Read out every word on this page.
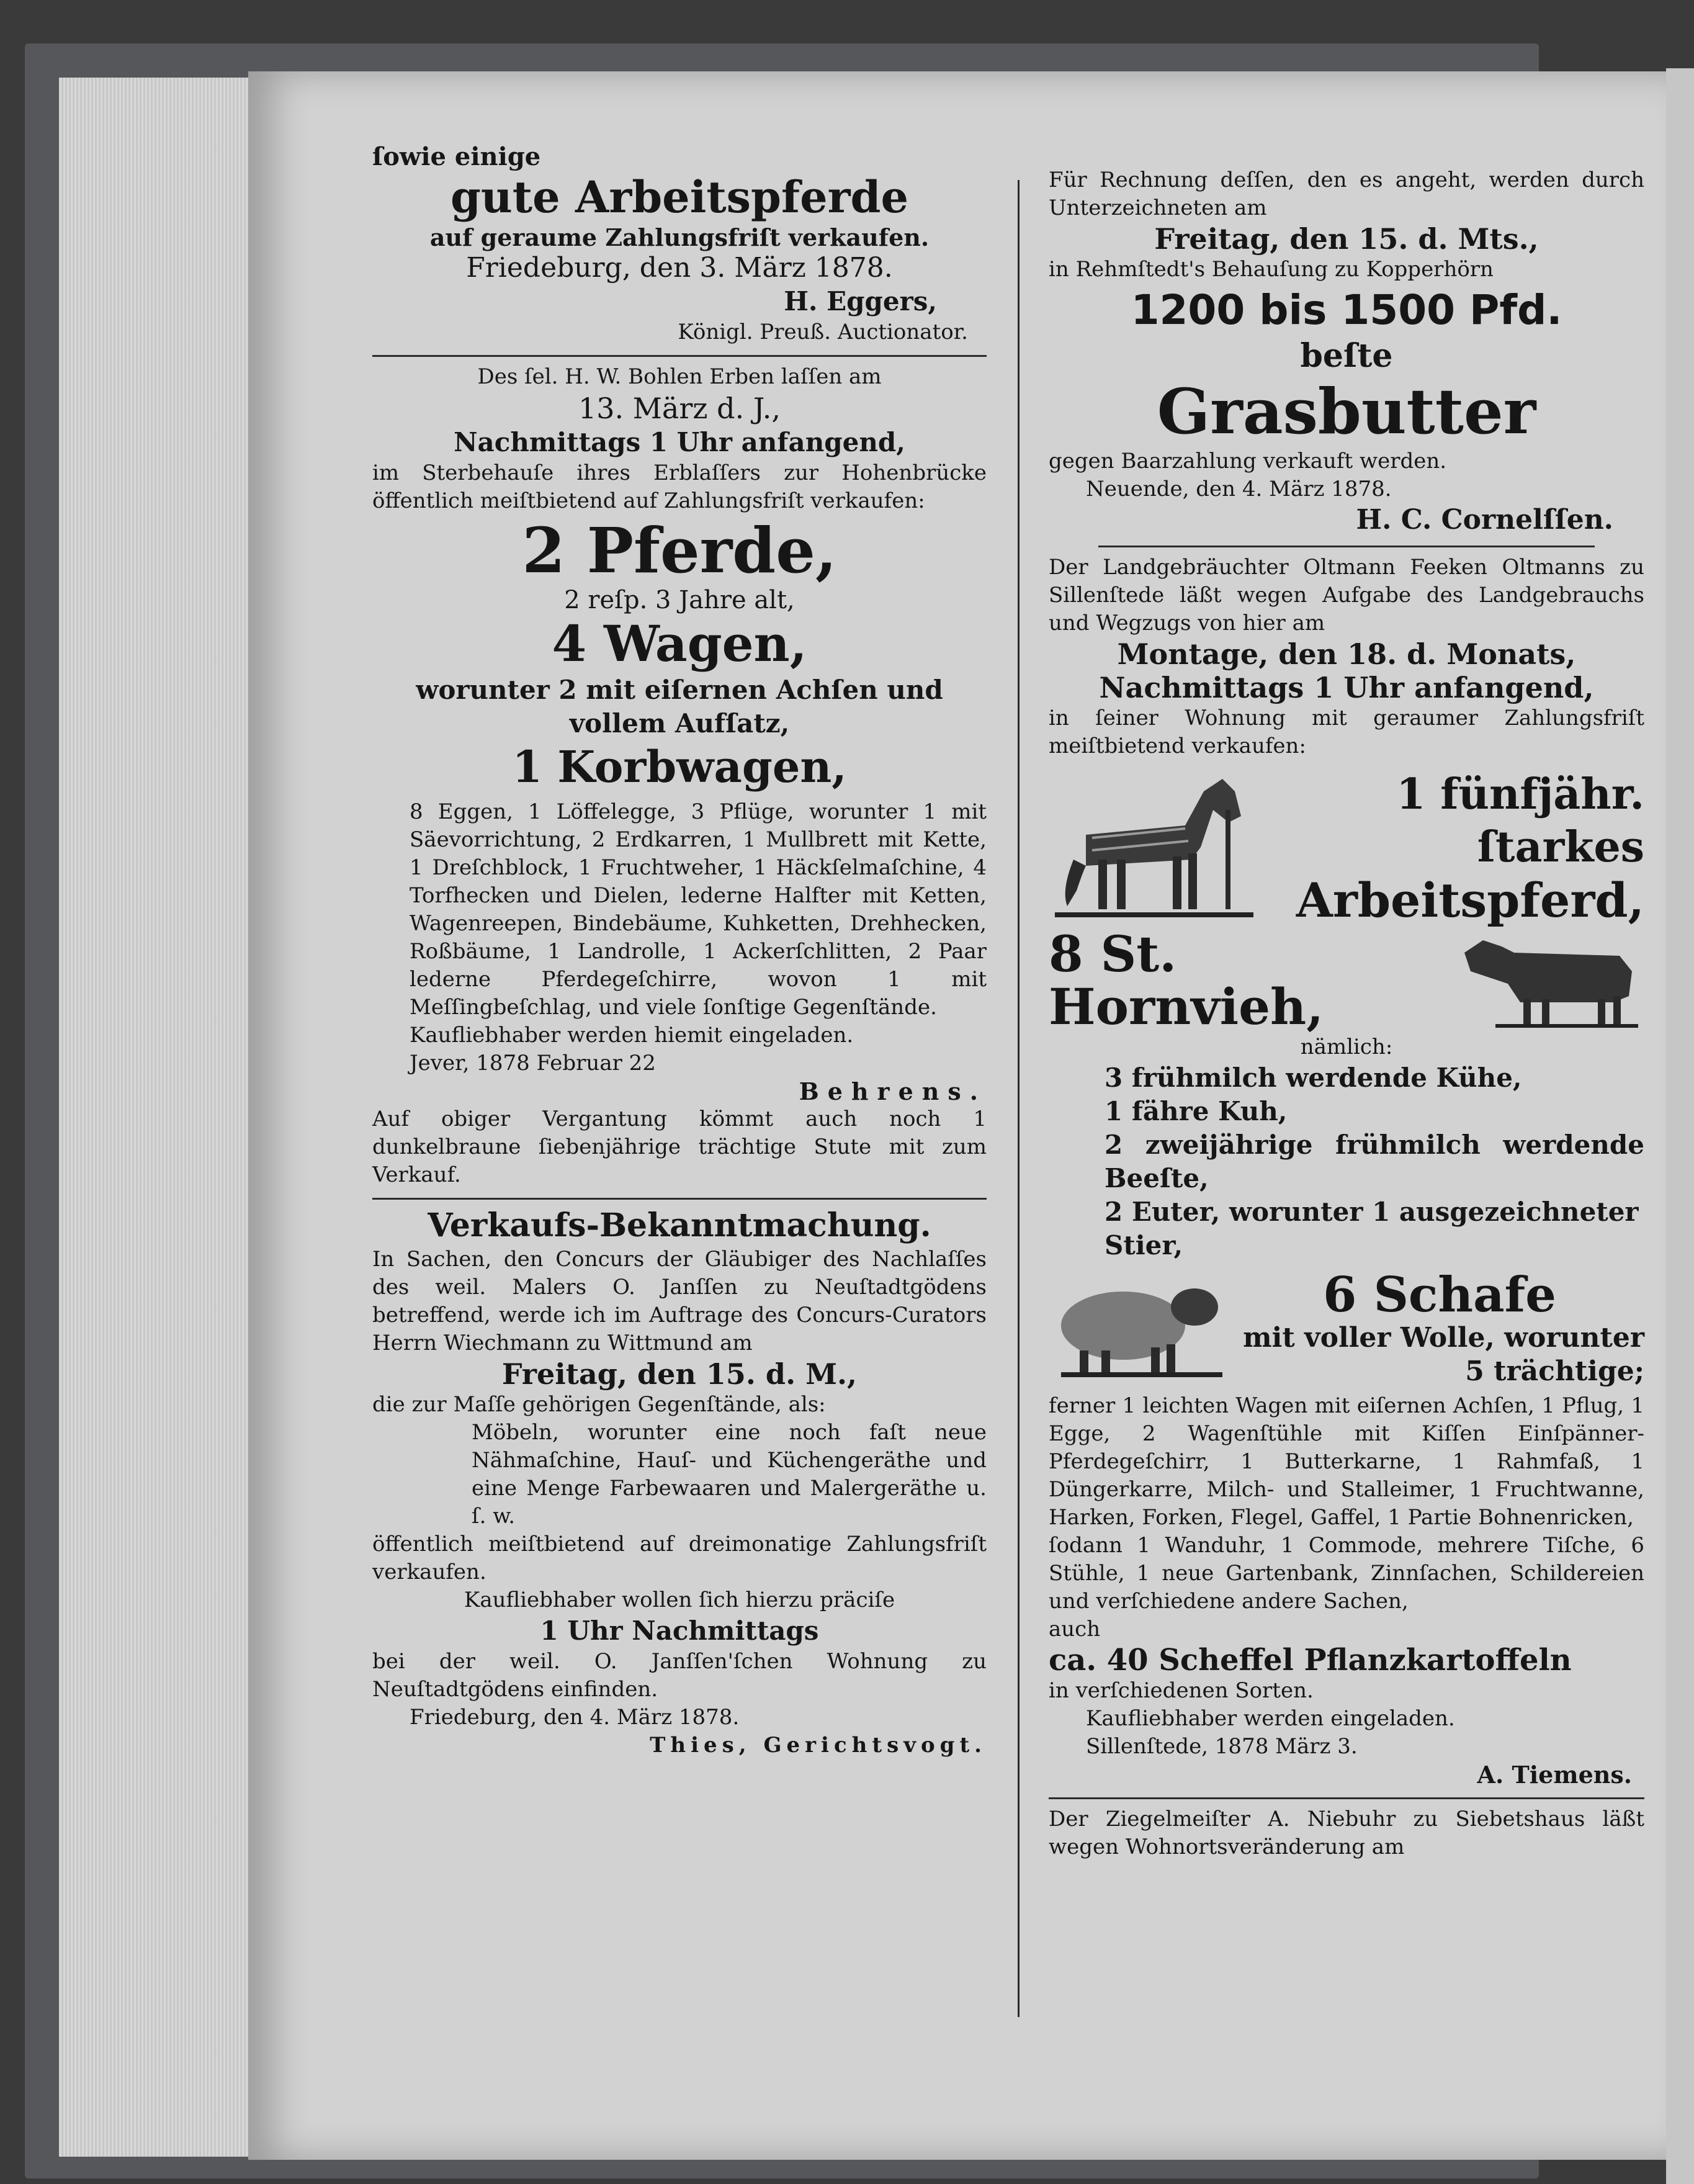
ſowie einige

gute Arbeitspferde

auf geraume Zahlungsfriſt verkaufen.

Friedeburg, den 3. März 1878.

H. Eggers,

Königl. Preuß. Auctionator.

Des ſel. H. W. Bohlen Erben laſſen am

13. März d. J.,

Nachmittags 1 Uhr anfangend,

im Sterbehauſe ihres Erblaſſers zur Hohenbrücke öffentlich meiſtbietend auf Zahlungsfriſt verkaufen:

2 Pferde,

2 reſp. 3 Jahre alt,

4 Wagen,

worunter 2 mit eiſernen Achſen und vollem Aufſatz,

1 Korbwagen,

8 Eggen, 1 Löffelegge, 3 Pflüge, worunter 1 mit Säevorrichtung, 2 Erdkarren, 1 Mullbrett mit Kette, 1 Dreſchblock, 1 Fruchtweher, 1 Häckſelmaſchine, 4 Torfhecken und Dielen, lederne Halfter mit Ketten, Wagenreepen, Bindebäume, Kuhketten, Drehhecken, Roßbäume, 1 Landrolle, 1 Ackerſchlitten, 2 Paar lederne Pferdegeſchirre, wovon 1 mit Meſſingbeſchlag, und viele ſonſtige Gegenſtände.

Kaufliebhaber werden hiemit eingeladen.

Jever, 1878 Februar 22

Behrens.

Auf obiger Vergantung kömmt auch noch 1 dunkelbraune ſiebenjährige trächtige Stute mit zum Verkauf.

Verkaufs-Bekanntmachung.

In Sachen, den Concurs der Gläubiger des Nachlaſſes des weil. Malers O. Janſſen zu Neuſtadtgödens betreffend, werde ich im Auftrage des Concurs-Curators Herrn Wiechmann zu Wittmund am

Freitag, den 15. d. M.,

die zur Maſſe gehörigen Gegenſtände, als:

Möbeln, worunter eine noch faſt neue Nähmaſchine, Hauſ- und Küchengeräthe und eine Menge Farbewaaren und Malergeräthe u. ſ. w.

öffentlich meiſtbietend auf dreimonatige Zahlungsfriſt verkaufen.

Kaufliebhaber wollen ſich hierzu präciſe

1 Uhr Nachmittags

bei der weil. O. Janſſen'ſchen Wohnung zu Neuſtadtgödens einfinden.

Friedeburg, den 4. März 1878.

Thies, Gerichtsvogt.

Für Rechnung deſſen, den es angeht, werden durch Unterzeichneten am

Freitag, den 15. d. Mts.,

in Rehmſtedt's Behauſung zu Kopperhörn

1200 bis 1500 Pfd.

beſte

Grasbutter

gegen Baarzahlung verkauft werden.

Neuende, den 4. März 1878.

H. C. Cornelſſen.

Der Landgebräuchter Oltmann Feeken Oltmanns zu Sillenſtede läßt wegen Aufgabe des Landgebrauchs und Wegzugs von hier am

Montage, den 18. d. Monats,

Nachmittags 1 Uhr anfangend,

in ſeiner Wohnung mit geraumer Zahlungsfriſt meiſtbietend verkaufen:

1 fünfjähr. ſtarkes

Arbeitspferd,

8 St. Hornvieh,

nämlich:

3 frühmilch werdende Kühe,

1 fähre Kuh,

2 zweijährige frühmilch werdende Beeſte,

2 Euter, worunter 1 ausgezeichneter Stier,

6 Schafe

mit voller Wolle, worunter 5 trächtige;

ferner 1 leichten Wagen mit eiſernen Achſen, 1 Pflug, 1 Egge, 2 Wagenſtühle mit Kiſſen Einſpänner-Pferdegeſchirr, 1 Butterkarne, 1 Rahmfaß, 1 Düngerkarre, Milch- und Stalleimer, 1 Fruchtwanne, Harken, Forken, Flegel, Gaffel, 1 Partie Bohnenricken,

ſodann 1 Wanduhr, 1 Commode, mehrere Tiſche, 6 Stühle, 1 neue Gartenbank, Zinnſachen, Schildereien und verſchiedene andere Sachen,

auch

ca. 40 Scheffel Pflanzkartoffeln

in verſchiedenen Sorten.

Kaufliebhaber werden eingeladen.

Sillenſtede, 1878 März 3.

A. Tiemens.

Der Ziegelmeiſter A. Niebuhr zu Siebetshaus läßt wegen Wohnortsveränderung am
